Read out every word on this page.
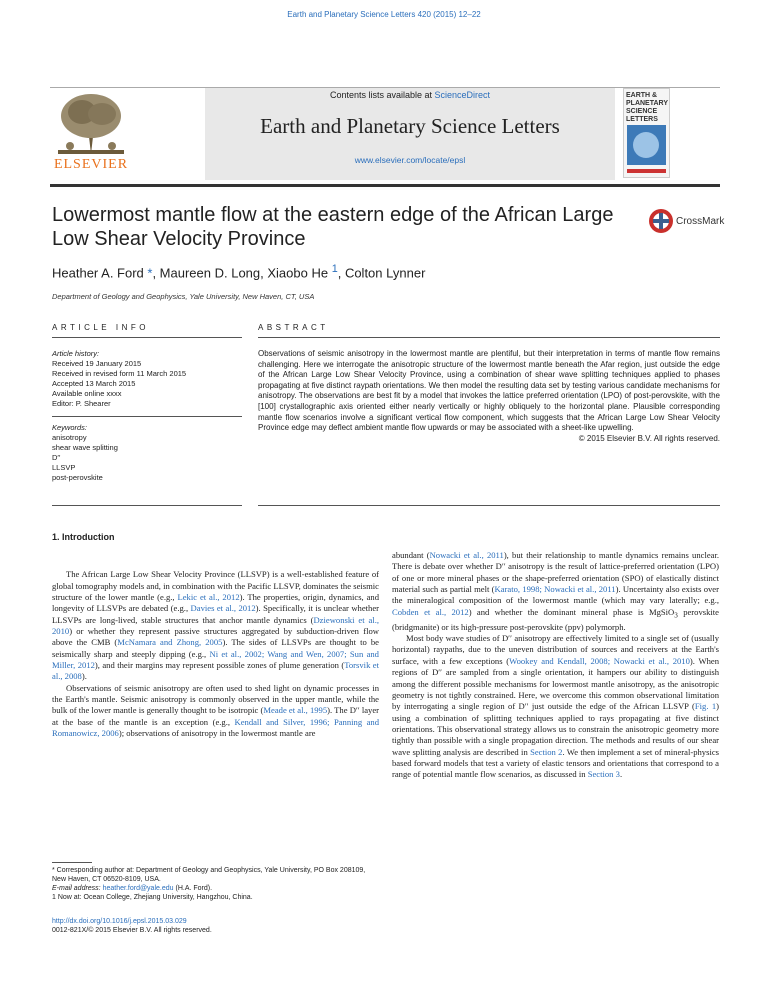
Earth and Planetary Science Letters 420 (2015) 12–22
ELSEVIER
Contents lists available at ScienceDirect
Earth and Planetary Science Letters
www.elsevier.com/locate/epsl
EARTH & PLANETARY SCIENCE LETTERS
Lowermost mantle flow at the eastern edge of the African Large Low Shear Velocity Province
CrossMark
Heather A. Ford *, Maureen D. Long, Xiaobo He $^1$, Colton Lynner
Department of Geology and Geophysics, Yale University, New Haven, CT, USA
ARTICLE INFO	ABSTRACT
Article history:
Received 19 January 2015
Received in revised form 11 March 2015
Accepted 13 March 2015
Available online xxxx
Editor: P. Shearer
Keywords:
anisotropy
shear wave splitting
D′′
LLSVP
post-perovskite
Observations of seismic anisotropy in the lowermost mantle are plentiful, but their interpretation in terms of mantle flow remains challenging. Here we interrogate the anisotropic structure of the lowermost mantle beneath the Afar region, just outside the edge of the African Large Low Shear Velocity Province, using a combination of shear wave splitting techniques applied to phases propagating at five distinct raypath orientations. We then model the resulting data set by testing various candidate mechanisms for anisotropy. The observations are best fit by a model that invokes the lattice preferred orientation (LPO) of post-perovskite, with the [100] crystallographic axis oriented either nearly vertically or highly obliquely to the horizontal plane. Plausible corresponding mantle flow scenarios involve a significant vertical flow component, which suggests that the African Large Low Shear Velocity Province edge may deflect ambient mantle flow upwards or may be associated with a sheet-like upwelling.
© 2015 Elsevier B.V. All rights reserved.
1. Introduction

The African Large Low Shear Velocity Province (LLSVP) is a well-established feature of global tomography models and, in combination with the Pacific LLSVP, dominates the seismic structure of the lower mantle (e.g., Lekic et al., 2012). The properties, origin, dynamics, and longevity of LLSVPs are debated (e.g., Davies et al., 2012). Specifically, it is unclear whether LLSVPs are long-lived, stable structures that anchor mantle dynamics (Dziewonski et al., 2010) or whether they represent passive structures aggregated by subduction-driven flow above the CMB (McNamara and Zhong, 2005). The sides of LLSVPs are thought to be seismically sharp and steeply dipping (e.g., Ni et al., 2002; Wang and Wen, 2007; Sun and Miller, 2012), and their margins may represent possible zones of plume generation (Torsvik et al., 2008).

Observations of seismic anisotropy are often used to shed light on dynamic processes in the Earth's mantle. Seismic anisotropy is commonly observed in the upper mantle, while the bulk of the lower mantle is generally thought to be isotropic (Meade et al., 1995). The D′′ layer at the base of the mantle is an exception (e.g., Kendall and Silver, 1996; Panning and Romanowicz, 2006); observations of anisotropy in the lowermost mantle are

abundant (Nowacki et al., 2011), but their relationship to mantle dynamics remains unclear. There is debate over whether D′′ anisotropy is the result of lattice-preferred orientation (LPO) of one or more mineral phases or the shape-preferred orientation (SPO) of elastically distinct material such as partial melt (Karato, 1998; Nowacki et al., 2011). Uncertainty also exists over the mineralogical composition of the lowermost mantle (which may vary laterally; e.g., Cobden et al., 2012) and whether the dominant mineral phase is MgSiO$_3$ perovskite (bridgmanite) or its high-pressure post-perovskite (ppv) polymorph.

Most body wave studies of D′′ anisotropy are effectively limited to a single set of (usually horizontal) raypaths, due to the uneven distribution of sources and receivers at the Earth's surface, with a few exceptions (Wookey and Kendall, 2008; Nowacki et al., 2010). When regions of D′′ are sampled from a single orientation, it hampers our ability to distinguish among the different possible mechanisms for lowermost mantle anisotropy, as the anisotropic geometry is not tightly constrained. Here, we overcome this common observational limitation by interrogating a single region of D′′ just outside the edge of the African LLSVP (Fig. 1) using a combination of splitting techniques applied to rays propagating at five distinct orientations. This observational strategy allows us to constrain the anisotropic geometry more tightly than possible with a single propagation direction. The methods and results of our shear wave splitting analysis are described in Section 2. We then implement a set of mineral-physics based forward models that test a variety of elastic tensors and orientations that correspond to a range of potential mantle flow scenarios, as discussed in Section 3.

* Corresponding author at: Department of Geology and Geophysics, Yale University, PO Box 208109, New Haven, CT 06520-8109, USA.
E-mail address: heather.ford@yale.edu (H.A. Ford).
1 Now at: Ocean College, Zhejiang University, Hangzhou, China.
http://dx.doi.org/10.1016/j.epsl.2015.03.029
0012-821X/© 2015 Elsevier B.V. All rights reserved.
